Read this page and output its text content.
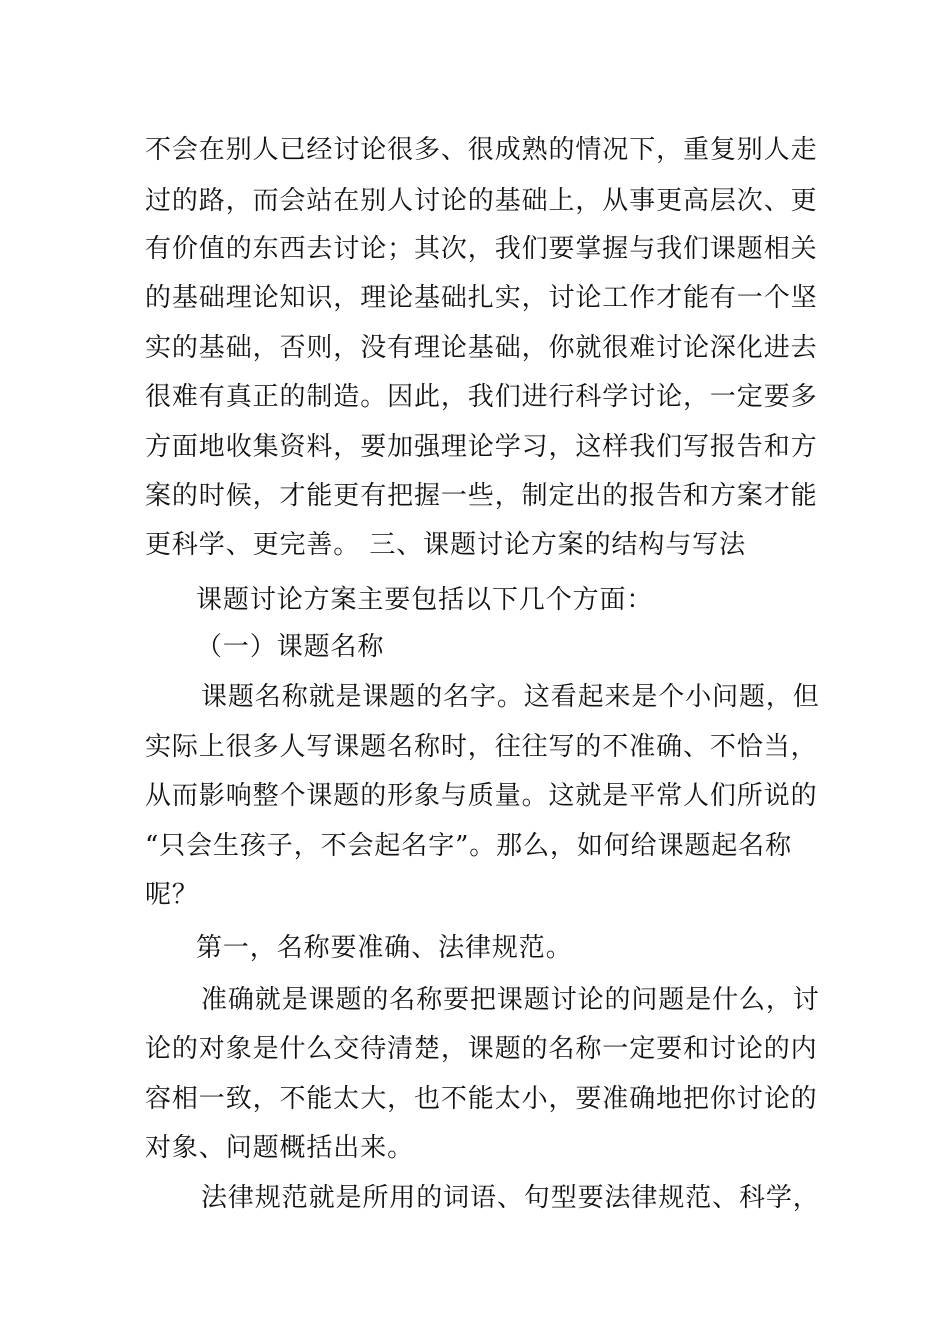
不会在别人已经讨论很多、很成熟的情况下，重复别人走
过的路，而会站在别人讨论的基础上，从事更高层次、更
有价值的东西去讨论；其次，我们要掌握与我们课题相关
的基础理论知识，理论基础扎实，讨论工作才能有一个坚
实的基础，否则，没有理论基础，你就很难讨论深化进去
很难有真正的制造。因此，我们进行科学讨论，一定要多
方面地收集资料，要加强理论学习，这样我们写报告和方
案的时候，才能更有把握一些，制定出的报告和方案才能
更科学、更完善。 三、课题讨论方案的结构与写法
课题讨论方案主要包括以下几个方面：
（一）课题名称
课题名称就是课题的名字。这看起来是个小问题，但
实际上很多人写课题名称时，往往写的不准确、不恰当，
从而影响整个课题的形象与质量。这就是平常人们所说的
“只会生孩子，不会起名字”。那么，如何给课题起名称
呢？
第一，名称要准确、法律规范。
准确就是课题的名称要把课题讨论的问题是什么，讨
论的对象是什么交待清楚，课题的名称一定要和讨论的内
容相一致，不能太大，也不能太小，要准确地把你讨论的
对象、问题概括出来。
法律规范就是所用的词语、句型要法律规范、科学，
